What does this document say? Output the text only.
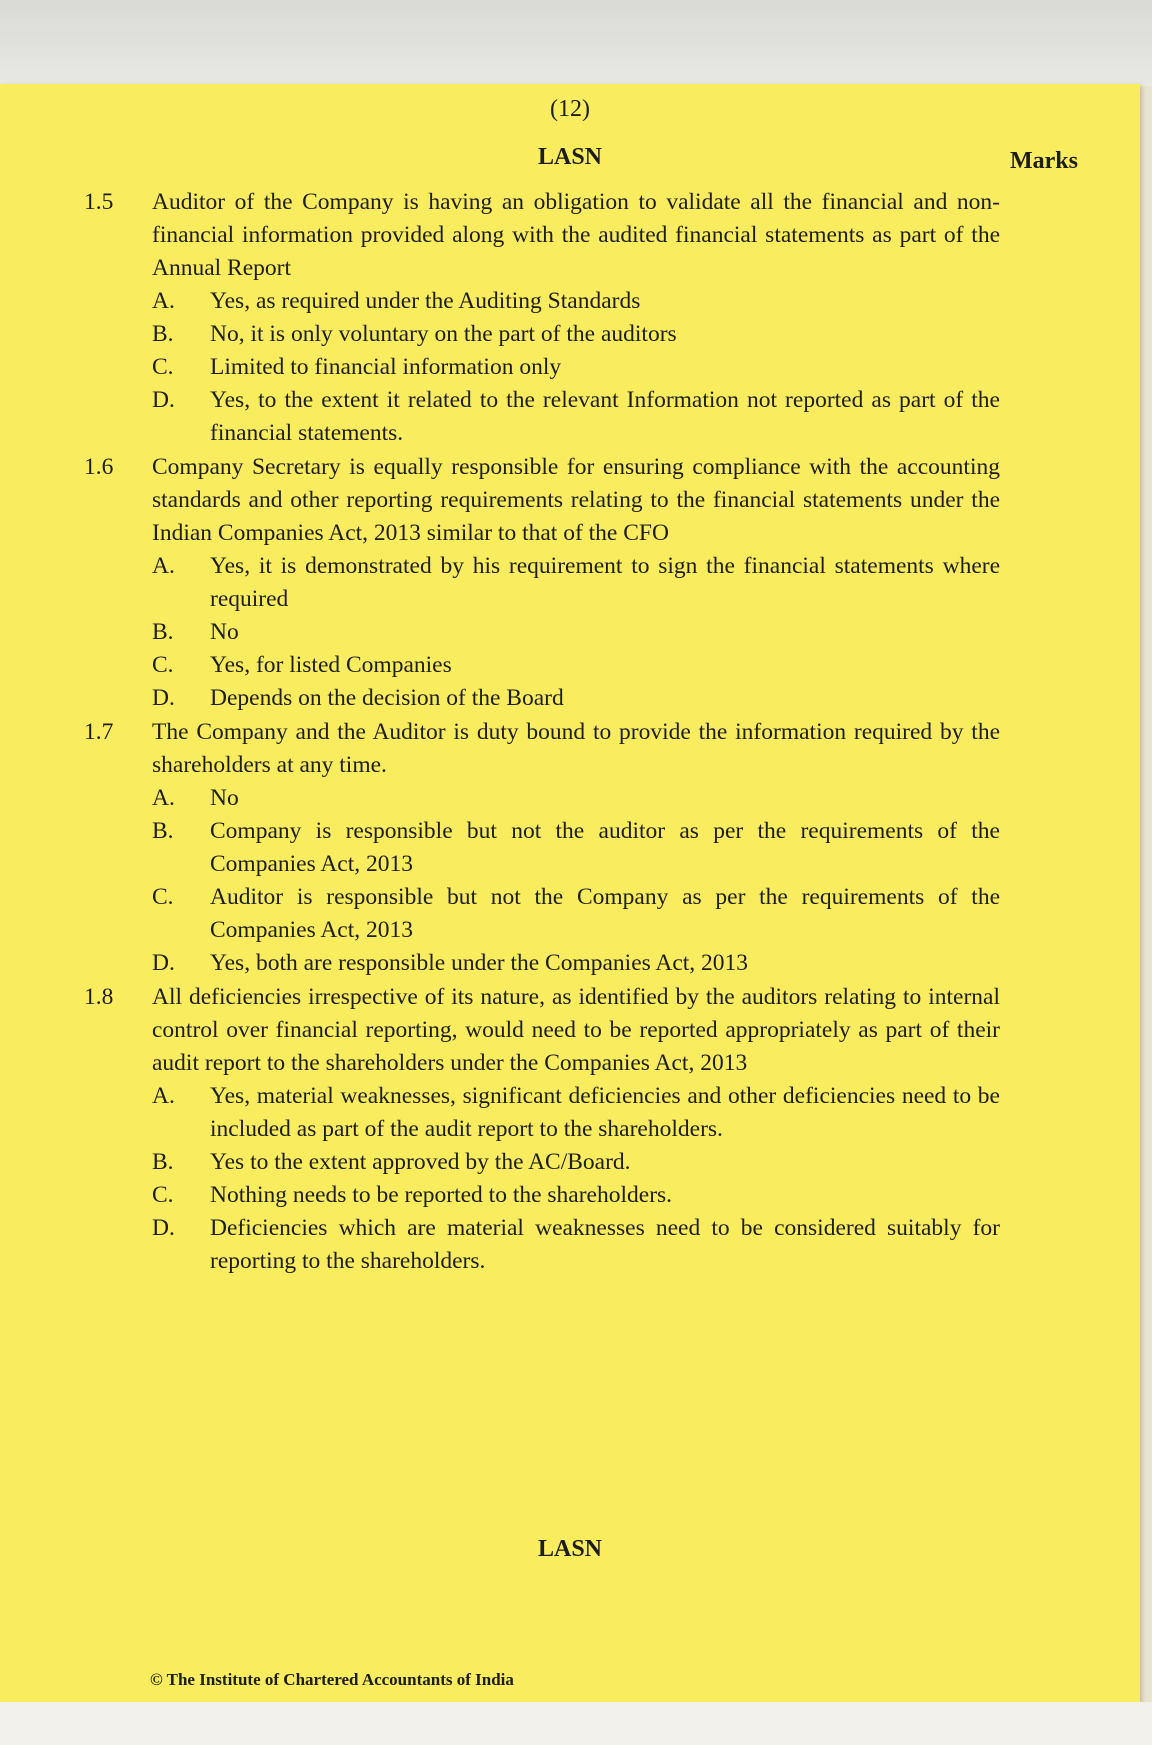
(12)
LASN	Marks
1.5 Auditor of the Company is having an obligation to validate all the financial and non-financial information provided along with the audited financial statements as part of the Annual Report
A. Yes, as required under the Auditing Standards
B. No, it is only voluntary on the part of the auditors
C. Limited to financial information only
D. Yes, to the extent it related to the relevant Information not reported as part of the financial statements.
1.6 Company Secretary is equally responsible for ensuring compliance with the accounting standards and other reporting requirements relating to the financial statements under the Indian Companies Act, 2013 similar to that of the CFO
A. Yes, it is demonstrated by his requirement to sign the financial statements where required
B. No
C. Yes, for listed Companies
D. Depends on the decision of the Board
1.7 The Company and the Auditor is duty bound to provide the information required by the shareholders at any time.
A. No
B. Company is responsible but not the auditor as per the requirements of the Companies Act, 2013
C. Auditor is responsible but not the Company as per the requirements of the Companies Act, 2013
D. Yes, both are responsible under the Companies Act, 2013
1.8 All deficiencies irrespective of its nature, as identified by the auditors relating to internal control over financial reporting, would need to be reported appropriately as part of their audit report to the shareholders under the Companies Act, 2013
A. Yes, material weaknesses, significant deficiencies and other deficiencies need to be included as part of the audit report to the shareholders.
B. Yes to the extent approved by the AC/Board.
C. Nothing needs to be reported to the shareholders.
D. Deficiencies which are material weaknesses need to be considered suitably for reporting to the shareholders.
LASN
© The Institute of Chartered Accountants of India
